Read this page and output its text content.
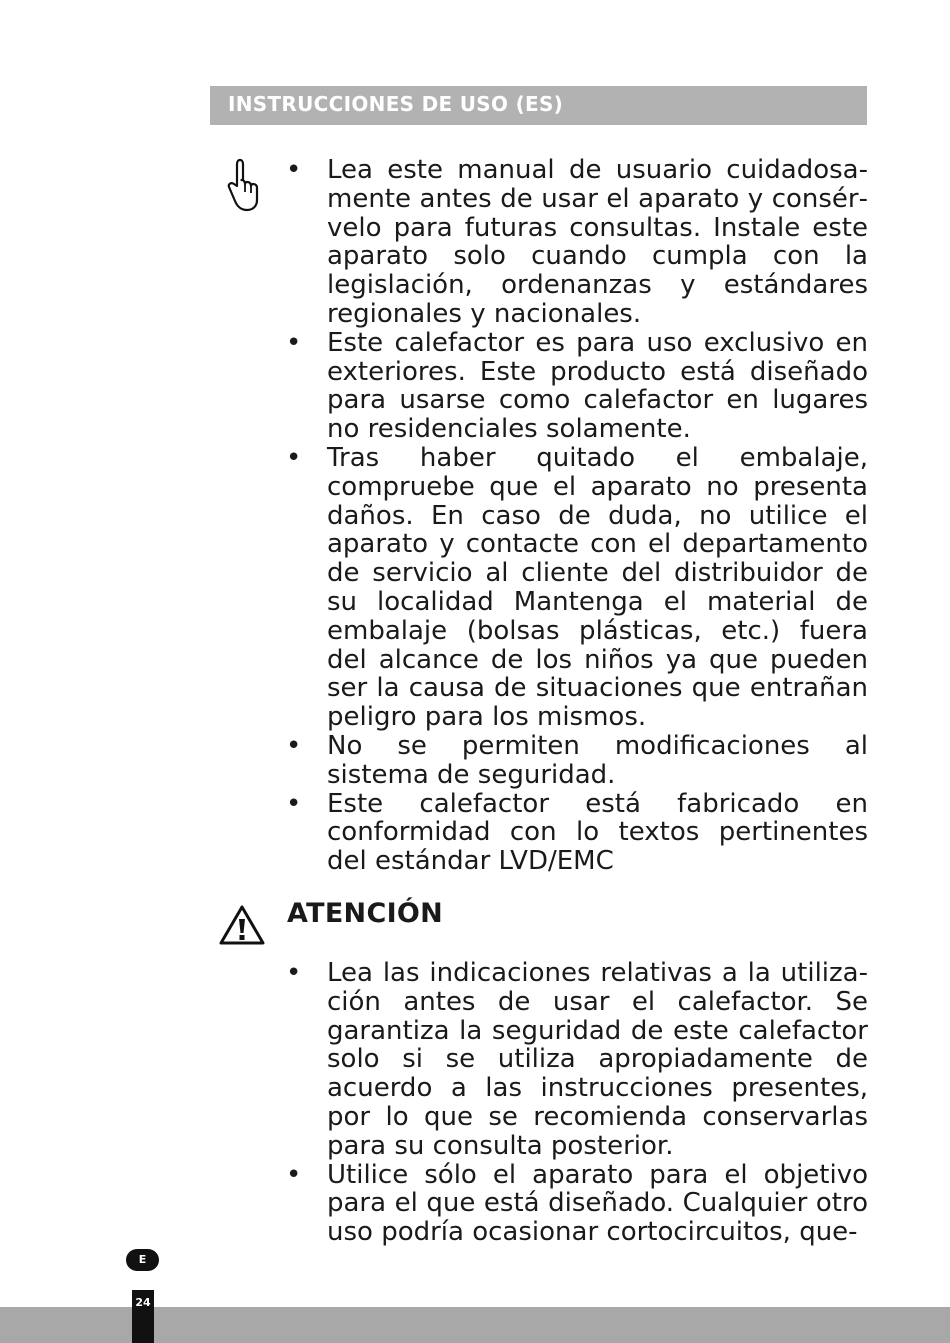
INSTRUCCIONES DE USO (ES)
• Lea este manual de usuario cuidadosamente antes de usar el aparato y consérvelo para futuras consultas. Instale este aparato solo cuando cumpla con la legislación, ordenanzas y estándares regionales y nacionales.
• Este calefactor es para uso exclusivo en exteriores. Este producto está diseñado para usarse como calefactor en lugares no residenciales solamente.
• Tras haber quitado el embalaje, compruebe que el aparato no presenta daños. En caso de duda, no utilice el aparato y contacte con el departamento de servicio al cliente del distribuidor de su localidad Mantenga el material de embalaje (bolsas plásticas, etc.) fuera del alcance de los niños ya que pueden ser la causa de situaciones que entrañan peligro para los mismos.
• No se permiten modificaciones al sistema de seguridad.
• Este calefactor está fabricado en conformidad con lo textos pertinentes del estándar LVD/EMC
ATENCIÓN
• Lea las indicaciones relativas a la utilización antes de usar el calefactor. Se garantiza la seguridad de este calefactor solo si se utiliza apropiadamente de acuerdo a las instrucciones presentes, por lo que se recomienda conservarlas para su consulta posterior.
• Utilice sólo el aparato para el objetivo para el que está diseñado. Cualquier otro uso podría ocasionar cortocircuitos, que-
E
24
